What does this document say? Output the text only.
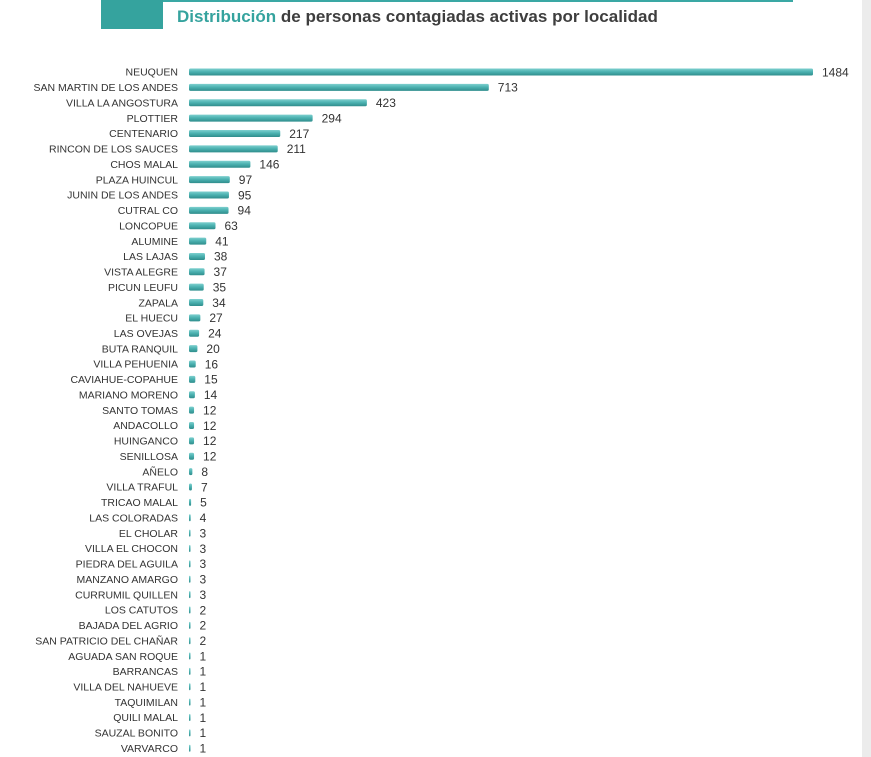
Distribución de personas contagiadas activas por localidad
NEUQUEN	1484
SAN MARTIN DE LOS ANDES	713
VILLA LA ANGOSTURA	423
PLOTTIER	294
CENTENARIO	217
RINCON DE LOS SAUCES	211
CHOS MALAL	146
PLAZA HUINCUL	97
JUNIN DE LOS ANDES	95
CUTRAL CO	94
LONCOPUE	63
ALUMINE	41
LAS LAJAS	38
VISTA ALEGRE	37
PICUN LEUFU	35
ZAPALA	34
EL HUECU	27
LAS OVEJAS	24
BUTA RANQUIL 20
VILLA PEHUENIA 16
CAVIAHUE-COPAHUE 15
MARIANO MORENO 14
SANTO TOMAS 12
ANDACOLLO 12
HUINGANCO 12
SENILLOSA 12
AÑELO 8
VILLA TRAFUL 7
TRICAO MALAL 5
LAS COLORADAS 4
EL CHOLAR 3
VILLA EL CHOCON 3
PIEDRA DEL AGUILA 3
MANZANO AMARGO 3
CURRUMIL QUILLEN 3
LOS CATUTOS 2
BAJADA DEL AGRIO 2
SAN PATRICIO DEL CHAÑAR 2
AGUADA SAN ROQUE 1
BARRANCAS 1
VILLA DEL NAHUEVE 1
TAQUIMILAN 1
QUILI MALAL 1
SAUZAL BONITO 1
VARVARCO 1
